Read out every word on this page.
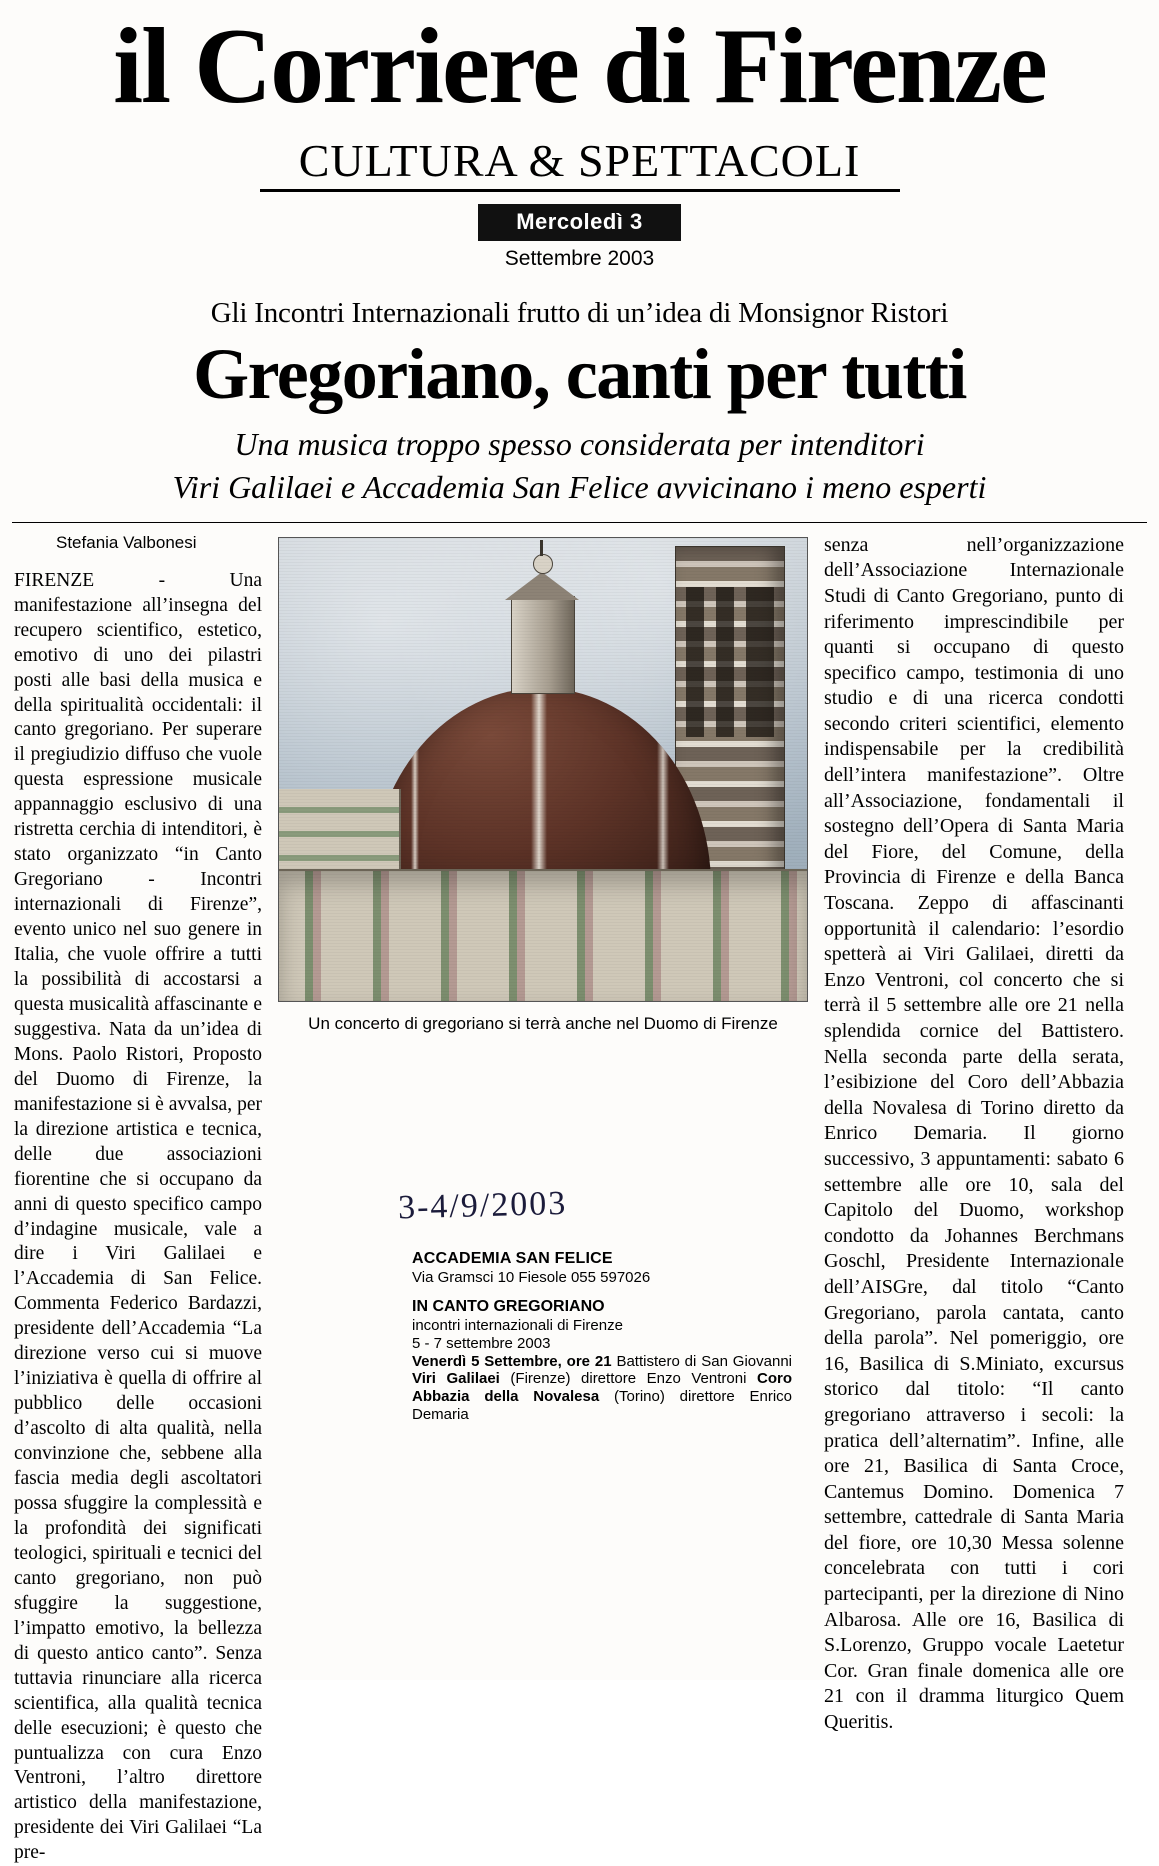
il Corriere di Firenze
CULTURA & SPETTACOLI
Mercoledì 3
Settembre 2003
Gli Incontri Internazionali frutto di un’idea di Monsignor Ristori
Gregoriano, canti per tutti
Una musica troppo spesso considerata per intenditori
Viri Galilaei e Accademia San Felice avvicinano i meno esperti
Stefania Valbonesi
FIRENZE - Una manifestazione all’insegna del recupero scientifico, estetico, emotivo di uno dei pilastri posti alle basi della musica e della spiritualità occidentali: il canto gregoriano. Per superare il pregiudizio diffuso che vuole questa espressione musicale appannaggio esclusivo di una ristretta cerchia di intenditori, è stato organizzato “in Canto Gregoriano - Incontri internazionali di Firenze”, evento unico nel suo genere in Italia, che vuole offrire a tutti la possibilità di accostarsi a questa musicalità affascinante e suggestiva. Nata da un’idea di Mons. Paolo Ristori, Proposto del Duomo di Firenze, la manifestazione si è avvalsa, per la direzione artistica e tecnica, delle due associazioni fiorentine che si occupano da anni di questo specifico campo d’indagine musicale, vale a dire i Viri Galilaei e l’Accademia di San Felice. Commenta Federico Bardazzi, presidente dell’Accademia “La direzione verso cui si muove l’iniziativa è quella di offrire al pubblico delle occasioni d’ascolto di alta qualità, nella convinzione che, sebbene alla fascia media degli ascoltatori possa sfuggire la complessità e la profondità dei significati teologici, spirituali e tecnici del canto gregoriano, non può sfuggire la suggestione, l’impatto emotivo, la bellezza di questo antico canto”. Senza tuttavia rinunciare alla ricerca scientifica, alla qualità tecnica delle esecuzioni; è questo che puntualizza con cura Enzo Ventroni, l’altro direttore artistico della manifestazione, presidente dei Viri Galilaei “La pre-
Un concerto di gregoriano si terrà anche nel Duomo di Firenze
3-4/9/2003
ACCADEMIA SAN FELICE
Via Gramsci 10 Fiesole 055 597026
IN CANTO GREGORIANO
incontri internazionali di Firenze
5 - 7 settembre 2003
Venerdì 5 Settembre, ore 21 Battistero di San Giovanni Viri Galilaei (Firenze) direttore Enzo Ventroni Coro Abbazia della Novalesa (Torino) direttore Enrico Demaria
senza nell’organizzazione dell’Associazione Internazionale Studi di Canto Gregoriano, punto di riferimento imprescindibile per quanti si occupano di questo specifico campo, testimonia di uno studio e di una ricerca condotti secondo criteri scientifici, elemento indispensabile per la credibilità dell’intera manifestazione”. Oltre all’Associazione, fondamentali il sostegno dell’Opera di Santa Maria del Fiore, del Comune, della Provincia di Firenze e della Banca Toscana. Zeppo di affascinanti opportunità il calendario: l’esordio spetterà ai Viri Galilaei, diretti da Enzo Ventroni, col concerto che si terrà il 5 settembre alle ore 21 nella splendida cornice del Battistero. Nella seconda parte della serata, l’esibizione del Coro dell’Abbazia della Novalesa di Torino diretto da Enrico Demaria. Il giorno successivo, 3 appuntamenti: sabato 6 settembre alle ore 10, sala del Capitolo del Duomo, workshop condotto da Johannes Berchmans Goschl, Presidente Internazionale dell’AISGre, dal titolo “Canto Gregoriano, parola cantata, canto della parola”. Nel pomeriggio, ore 16, Basilica di S.Miniato, excursus storico dal titolo: “Il canto gregoriano attraverso i secoli: la pratica dell’alternatim”. Infine, alle ore 21, Basilica di Santa Croce, Cantemus Domino. Domenica 7 settembre, cattedrale di Santa Maria del fiore, ore 10,30 Messa solenne concelebrata con tutti i cori partecipanti, per la direzione di Nino Albarosa. Alle ore 16, Basilica di S.Lorenzo, Gruppo vocale Laetetur Cor. Gran finale domenica alle ore 21 con il dramma liturgico Quem Queritis.
